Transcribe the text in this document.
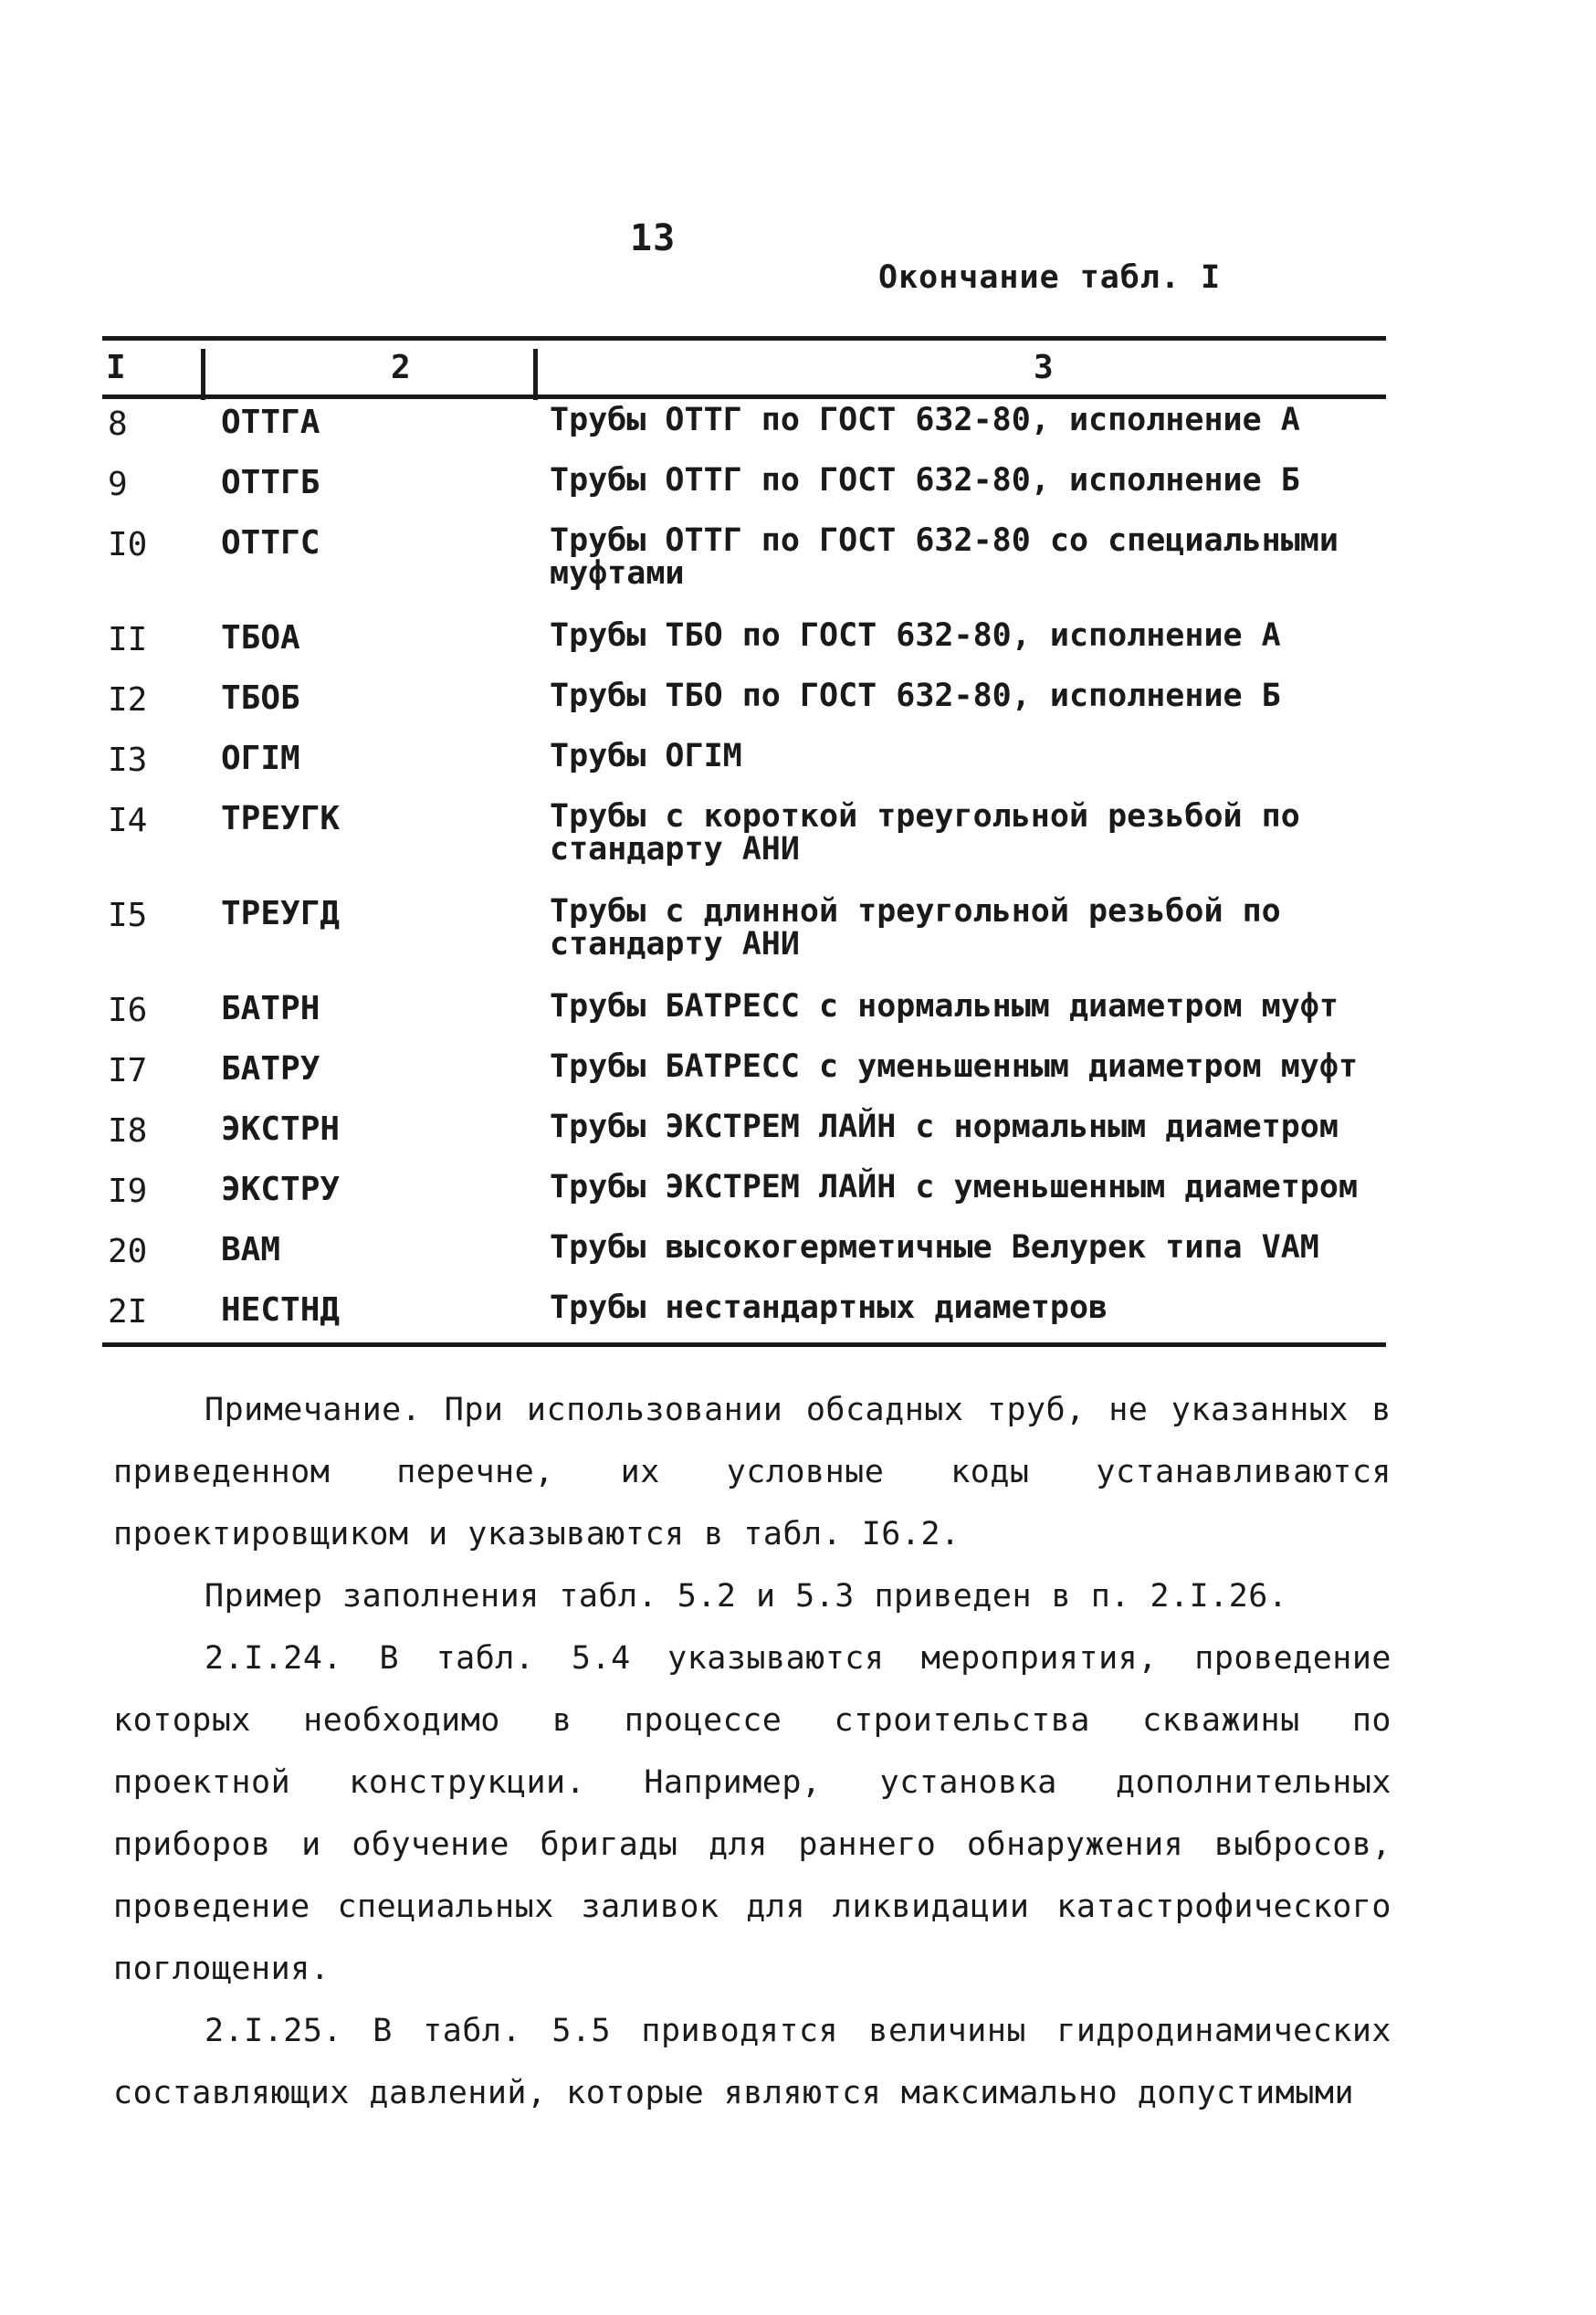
13
Окончание табл. I
I	2	3
8	ОТТГА	Трубы ОТТГ по ГОСТ 632-80, исполнение А
9	ОТТГБ	Трубы ОТТГ по ГОСТ 632-80, исполнение Б
I0 ОТТГС	Трубы ОТТГ по ГОСТ 632-80 со специальными муфтами
II ТБОА	Трубы ТБО по ГОСТ 632-80, исполнение А
I2 ТБОБ	Трубы ТБО по ГОСТ 632-80, исполнение Б
I3 ОГIМ	Трубы ОГIМ
I4 ТРЕУГК	Трубы с короткой треугольной резьбой по стандарту АНИ
I5 ТРЕУГД	Трубы с длинной треугольной резьбой по стандарту АНИ
I6 БАТРН	Трубы БАТРЕСС с нормальным диаметром муфт
I7 БАТРУ	Трубы БАТРЕСС с уменьшенным диаметром муфт
I8 ЭКСТРН	Трубы ЭКСТРЕМ ЛАЙН с нормальным диаметром
I9 ЭКСТРУ	Трубы ЭКСТРЕМ ЛАЙН с уменьшенным диаметром
20 ВАМ	Трубы высокогерметичные Велурек типа VAM
2I НЕСТНД	Трубы нестандартных диаметров

Примечание. При использовании обсадных труб, не указанных в приведенном перечне, их условные коды устанавливаются проектировщиком и указываются в табл. I6.2.

Пример заполнения табл. 5.2 и 5.3 приведен в п. 2.I.26.

2.I.24. В табл. 5.4 указываются мероприятия, проведение которых необходимо в процессе строительства скважины по проектной конструкции. Например, установка дополнительных приборов и обучение бригады для раннего обнаружения выбросов, проведение специальных заливок для ликвидации катастрофического поглощения.

2.I.25. В табл. 5.5 приводятся величины гидродинамических составляющих давлений, которые являются максимально допустимыми
